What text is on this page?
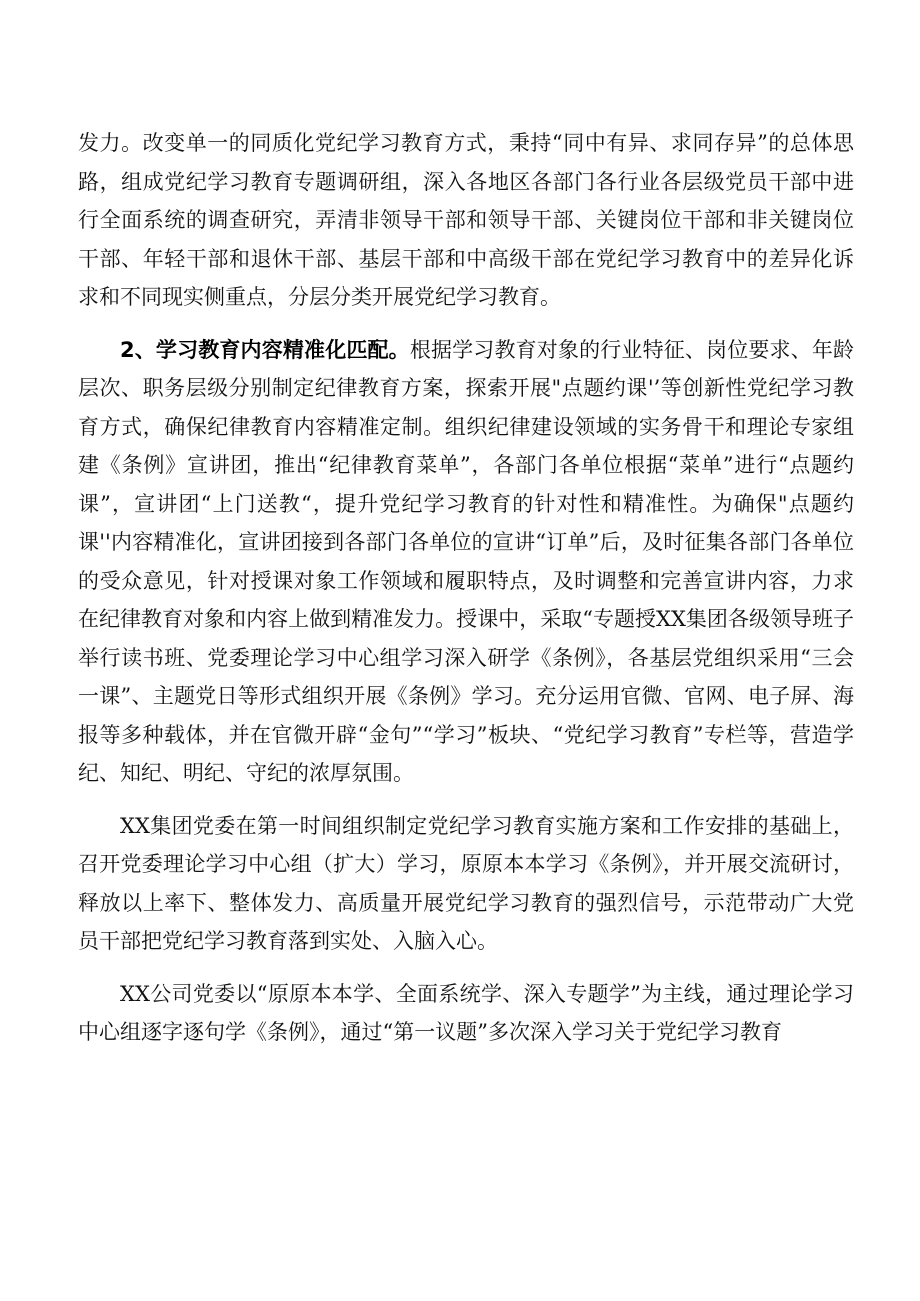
发力。改变单一的同质化党纪学习教育方式，秉持“同中有异、求同存异”的总体思路，组成党纪学习教育专题调研组，深入各地区各部门各行业各层级党员干部中进行全面系统的调查研究，弄清非领导干部和领导干部、关键岗位干部和非关键岗位干部、年轻干部和退休干部、基层干部和中高级干部在党纪学习教育中的差异化诉求和不同现实侧重点，分层分类开展党纪学习教育。

2、学习教育内容精准化匹配。根据学习教育对象的行业特征、岗位要求、年龄层次、职务层级分别制定纪律教育方案，探索开展"点题约课'’等创新性党纪学习教育方式，确保纪律教育内容精准定制。组织纪律建设领域的实务骨干和理论专家组建《条例》宣讲团，推出“纪律教育菜单”，各部门各单位根据“菜单”进行“点题约课”，宣讲团“上门送教“，提升党纪学习教育的针对性和精准性。为确保"点题约课''内容精准化，宣讲团接到各部门各单位的宣讲“订单”后，及时征集各部门各单位的受众意见，针对授课对象工作领域和履职特点，及时调整和完善宣讲内容，力求在纪律教育对象和内容上做到精准发力。授课中，采取“专题授XX集团各级领导班子举行读书班、党委理论学习中心组学习深入研学《条例》，各基层党组织采用“三会一课”、主题党日等形式组织开展《条例》学习。充分运用官微、官网、电子屏、海报等多种载体，并在官微开辟“金句”“学习”板块、“党纪学习教育”专栏等，营造学纪、知纪、明纪、守纪的浓厚氛围。

XX集团党委在第一时间组织制定党纪学习教育实施方案和工作安排的基础上，召开党委理论学习中心组（扩大）学习，原原本本学习《条例》，并开展交流研讨，释放以上率下、整体发力、高质量开展党纪学习教育的强烈信号，示范带动广大党员干部把党纪学习教育落到实处、入脑入心。

XX公司党委以“原原本本学、全面系统学、深入专题学”为主线，通过理论学习中心组逐字逐句学《条例》，通过“第一议题”多次深入学习关于党纪学习教育
